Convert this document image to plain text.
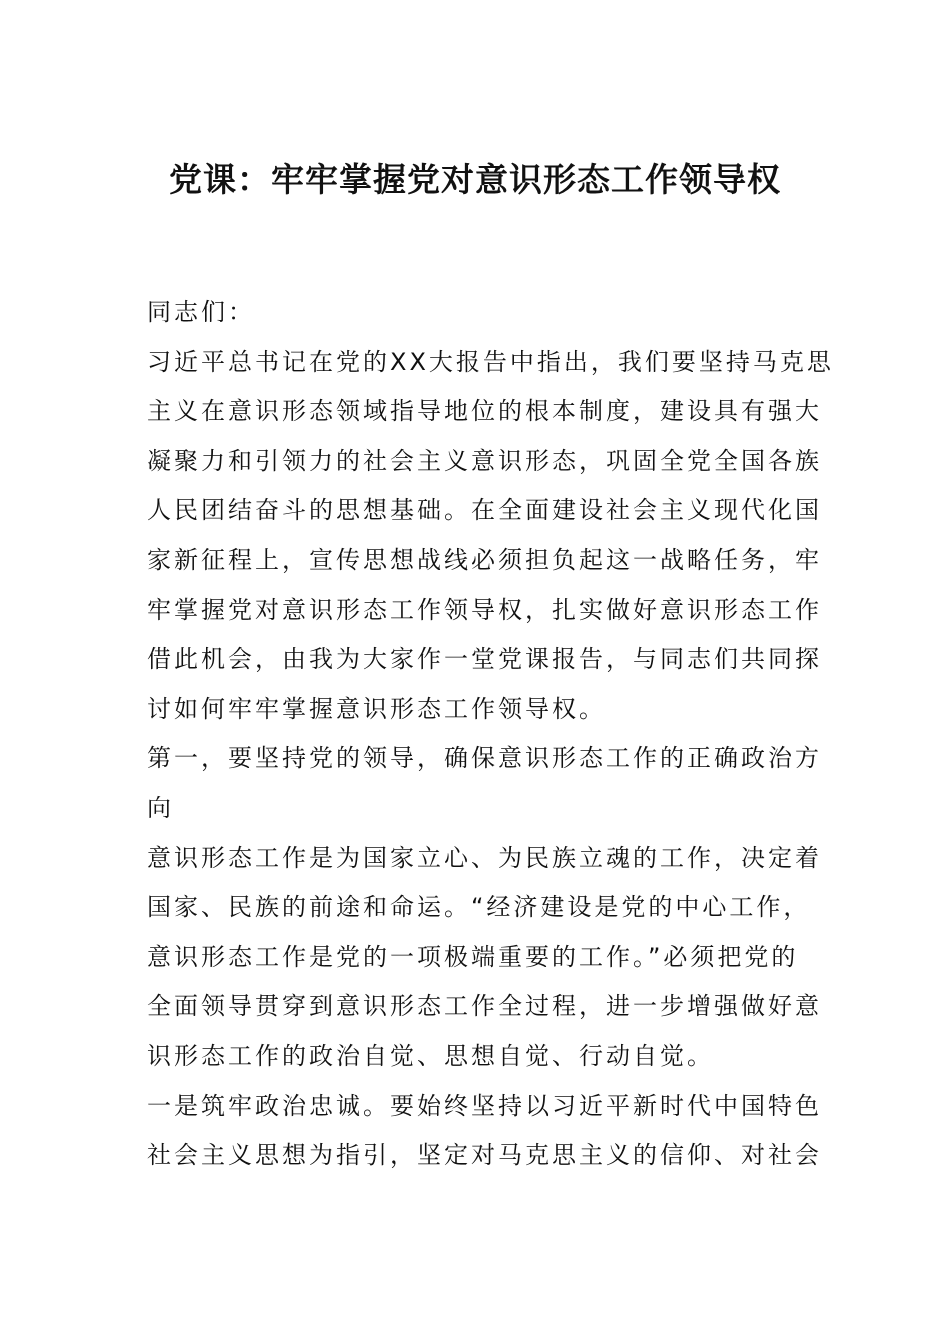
党课：牢牢掌握党对意识形态工作领导权
同志们：
习近平总书记在党的XX大报告中指出，我们要坚持马克思
主义在意识形态领域指导地位的根本制度，建设具有强大
凝聚力和引领力的社会主义意识形态，巩固全党全国各族
人民团结奋斗的思想基础。在全面建设社会主义现代化国
家新征程上，宣传思想战线必须担负起这一战略任务，牢
牢掌握党对意识形态工作领导权，扎实做好意识形态工作
借此机会，由我为大家作一堂党课报告，与同志们共同探
讨如何牢牢掌握意识形态工作领导权。
第一，要坚持党的领导，确保意识形态工作的正确政治方
向
意识形态工作是为国家立心、为民族立魂的工作，决定着
国家、民族的前途和命运。“经济建设是党的中心工作，
意识形态工作是党的一项极端重要的工作。”必须把党的
全面领导贯穿到意识形态工作全过程，进一步增强做好意
识形态工作的政治自觉、思想自觉、行动自觉。
一是筑牢政治忠诚。要始终坚持以习近平新时代中国特色
社会主义思想为指引，坚定对马克思主义的信仰、对社会
